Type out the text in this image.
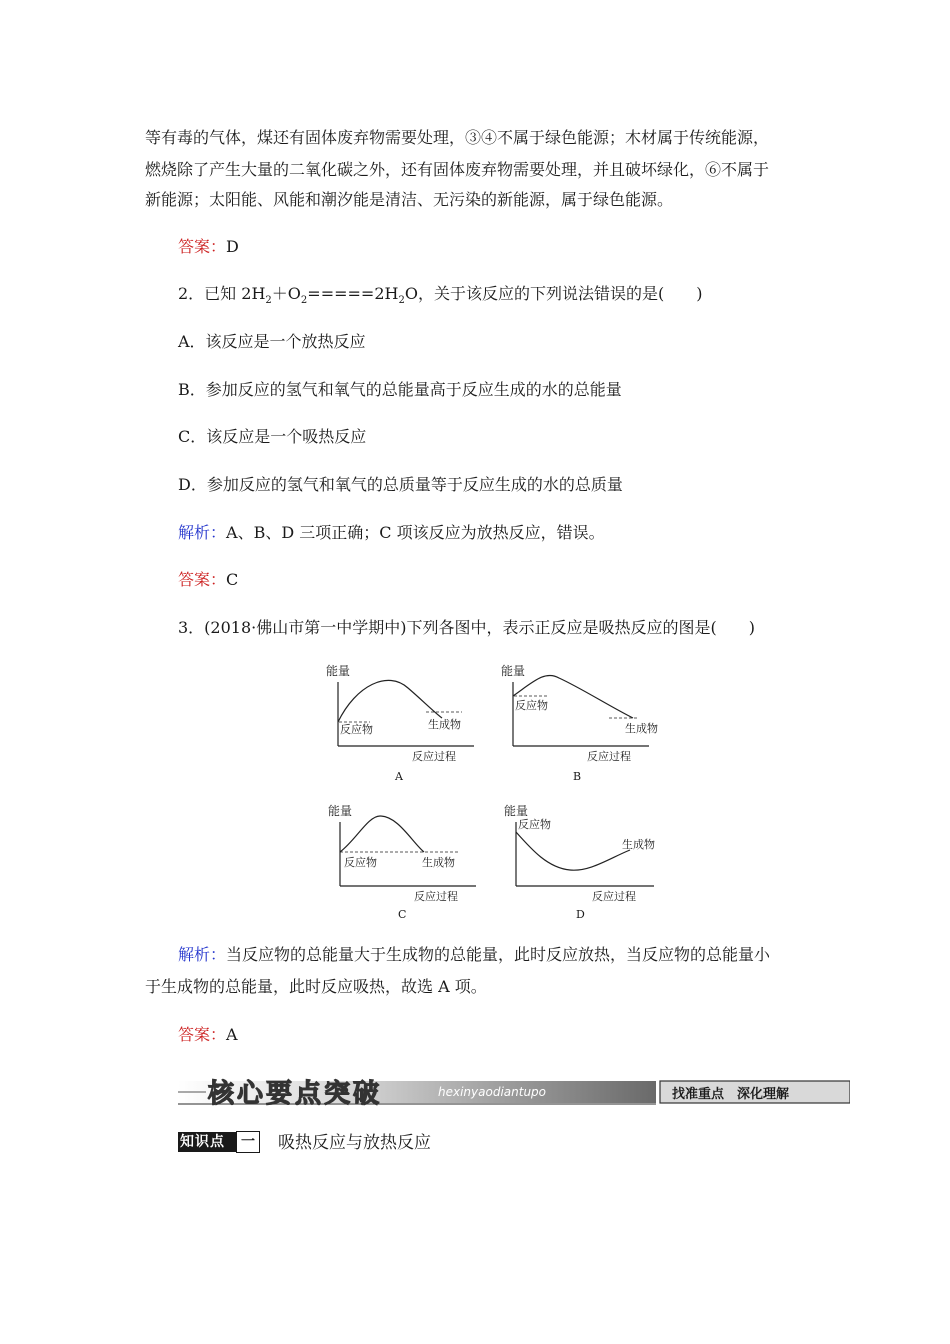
等有毒的气体，煤还有固体废弃物需要处理，③④不属于绿色能源；木材属于传统能源，
燃烧除了产生大量的二氧化碳之外，还有固体废弃物需要处理，并且破坏绿化，⑥不属于
新能源；太阳能、风能和潮汐能是清洁、无污染的新能源，属于绿色能源。
答案：D
2．已知 $2H_2+O_2=====2H_2O$，关于该反应的下列说法错误的是(　　)
A．该反应是一个放热反应
B．参加反应的氢气和氧气的总能量高于反应生成的水的总能量
C．该反应是一个吸热反应
D．参加反应的氢气和氧气的总质量等于反应生成的水的总质量
解析：A、B、D 三项正确；C 项该反应为放热反应，错误。
答案：C
3．(2018·佛山市第一中学期中)下列各图中，表示正反应是吸热反应的图是(　　)
能量
反应物	生成物
反应过程
A
能量
反应物
生成物
反应过程
B
能量
反应物	生成物
反应过程
C
能量
反应物
生成物
反应过程
D
解析：当反应物的总能量大于生成物的总能量，此时反应放热，当反应物的总能量小
于生成物的总能量，此时反应吸热，故选 A 项。
答案：A
核心要点突破	hexinyaodiantupo	找准重点　深化理解
知识点	一 吸热反应与放热反应
